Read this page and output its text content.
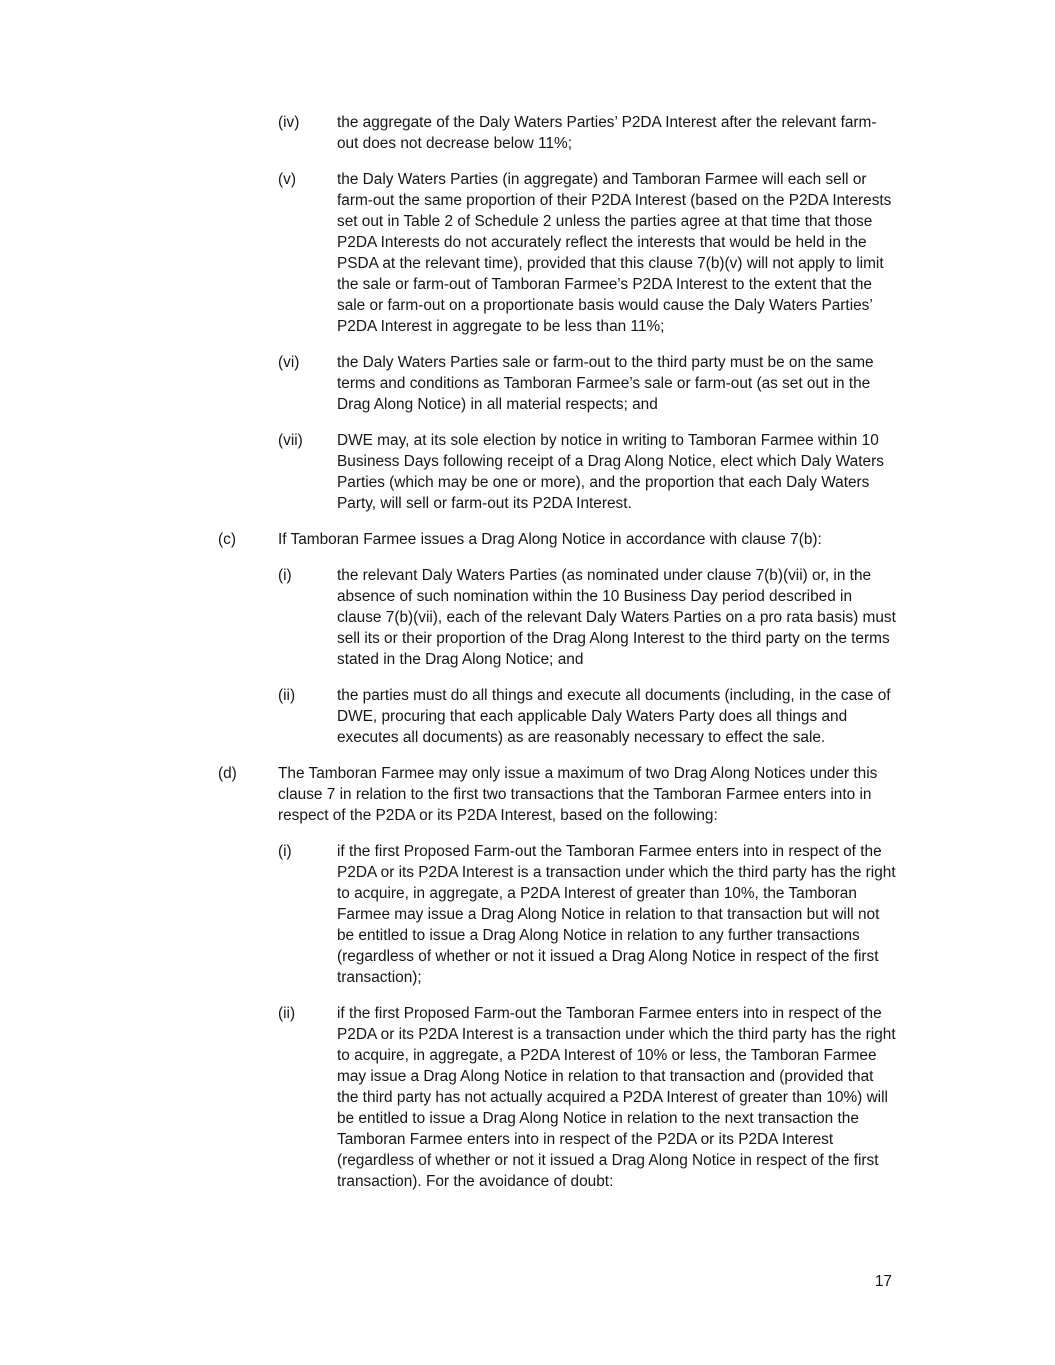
(iv)	the aggregate of the Daly Waters Parties’ P2DA Interest after the relevant farm-out does not decrease below 11%;
(v)	the Daly Waters Parties (in aggregate) and Tamboran Farmee will each sell or farm-out the same proportion of their P2DA Interest (based on the P2DA Interests set out in Table 2 of Schedule 2 unless the parties agree at that time that those P2DA Interests do not accurately reflect the interests that would be held in the PSDA at the relevant time), provided that this clause 7(b)(v) will not apply to limit the sale or farm-out of Tamboran Farmee’s P2DA Interest to the extent that the sale or farm-out on a proportionate basis would cause the Daly Waters Parties’ P2DA Interest in aggregate to be less than 11%;
(vi)	the Daly Waters Parties sale or farm-out to the third party must be on the same terms and conditions as Tamboran Farmee’s sale or farm-out (as set out in the Drag Along Notice) in all material respects; and
(vii)	DWE may, at its sole election by notice in writing to Tamboran Farmee within 10 Business Days following receipt of a Drag Along Notice, elect which Daly Waters Parties (which may be one or more), and the proportion that each Daly Waters Party, will sell or farm-out its P2DA Interest.
(c)	If Tamboran Farmee issues a Drag Along Notice in accordance with clause 7(b):
(i)	the relevant Daly Waters Parties (as nominated under clause 7(b)(vii) or, in the absence of such nomination within the 10 Business Day period described in clause 7(b)(vii), each of the relevant Daly Waters Parties on a pro rata basis) must sell its or their proportion of the Drag Along Interest to the third party on the terms stated in the Drag Along Notice; and
(ii)	the parties must do all things and execute all documents (including, in the case of DWE, procuring that each applicable Daly Waters Party does all things and executes all documents) as are reasonably necessary to effect the sale.
(d)	The Tamboran Farmee may only issue a maximum of two Drag Along Notices under this clause 7 in relation to the first two transactions that the Tamboran Farmee enters into in respect of the P2DA or its P2DA Interest, based on the following:
(i)	if the first Proposed Farm-out the Tamboran Farmee enters into in respect of the P2DA or its P2DA Interest is a transaction under which the third party has the right to acquire, in aggregate, a P2DA Interest of greater than 10%, the Tamboran Farmee may issue a Drag Along Notice in relation to that transaction but will not be entitled to issue a Drag Along Notice in relation to any further transactions (regardless of whether or not it issued a Drag Along Notice in respect of the first transaction);
(ii)	if the first Proposed Farm-out the Tamboran Farmee enters into in respect of the P2DA or its P2DA Interest is a transaction under which the third party has the right to acquire, in aggregate, a P2DA Interest of 10% or less, the Tamboran Farmee may issue a Drag Along Notice in relation to that transaction and (provided that the third party has not actually acquired a P2DA Interest of greater than 10%) will be entitled to issue a Drag Along Notice in relation to the next transaction the Tamboran Farmee enters into in respect of the P2DA or its P2DA Interest (regardless of whether or not it issued a Drag Along Notice in respect of the first transaction). For the avoidance of doubt:
17
